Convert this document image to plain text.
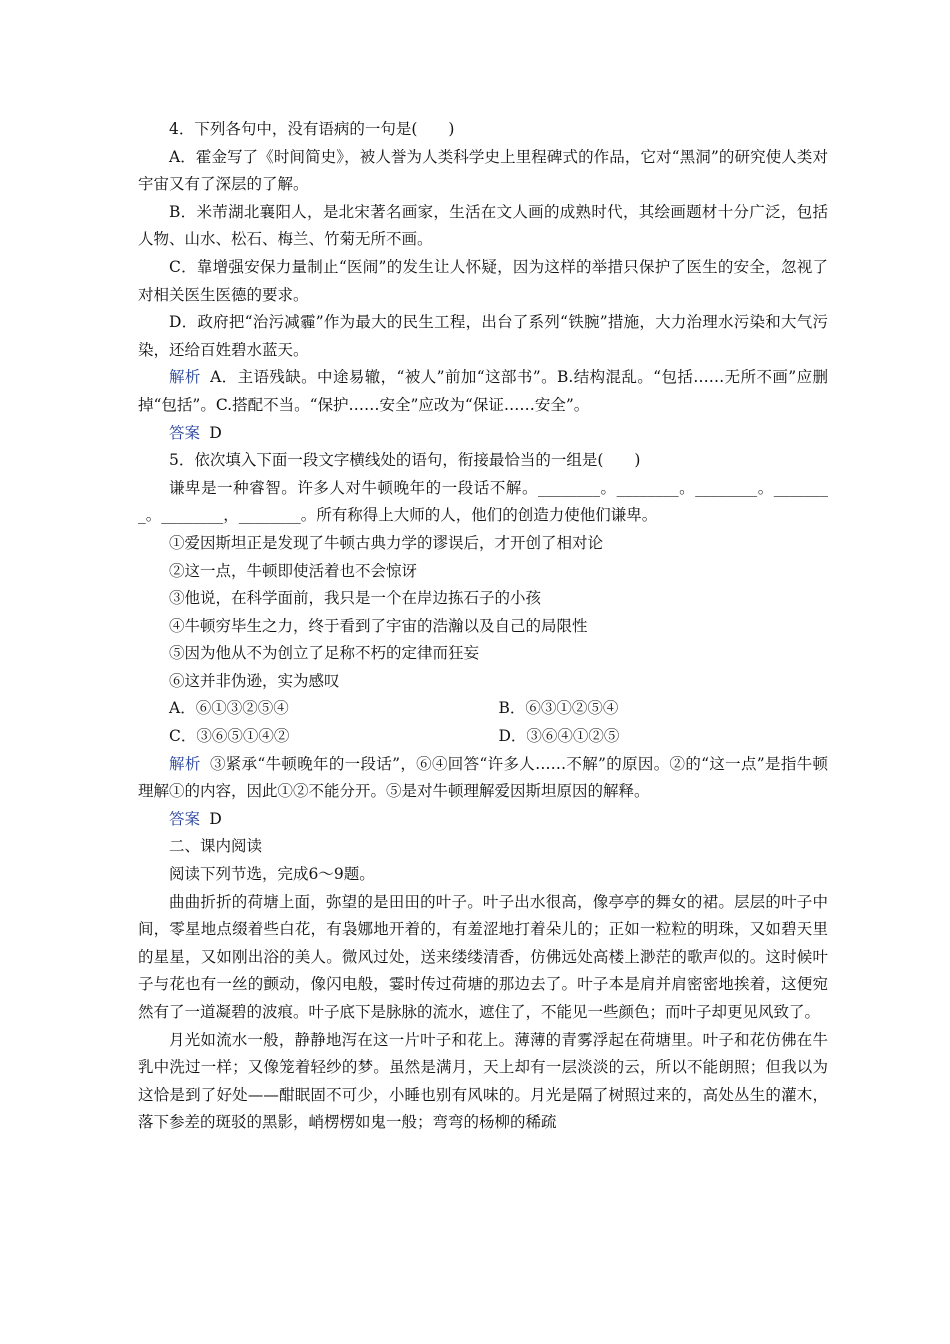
4．下列各句中，没有语病的一句是(　　)

A．霍金写了《时间简史》，被人誉为人类科学史上里程碑式的作品，它对“黑洞”的研究使人类对宇宙又有了深层的了解。

B．米芾湖北襄阳人，是北宋著名画家，生活在文人画的成熟时代，其绘画题材十分广泛，包括人物、山水、松石、梅兰、竹菊无所不画。

C．靠增强安保力量制止“医闹”的发生让人怀疑，因为这样的举措只保护了医生的安全，忽视了对相关医生医德的要求。

D．政府把“治污减霾”作为最大的民生工程，出台了系列“铁腕”措施，大力治理水污染和大气污染，还给百姓碧水蓝天。

解析 A．主语残缺。中途易辙，“被人”前加“这部书”。B.结构混乱。“包括……无所不画”应删掉“包括”。C.搭配不当。“保护……安全”应改为“保证……安全”。

答案 D

5．依次填入下面一段文字横线处的语句，衔接最恰当的一组是(　　)

谦卑是一种睿智。许多人对牛顿晚年的一段话不解。________。________。________。________。________，________。所有称得上大师的人，他们的创造力使他们谦卑。

①爱因斯坦正是发现了牛顿古典力学的谬误后，才开创了相对论

②这一点，牛顿即使活着也不会惊讶

③他说，在科学面前，我只是一个在岸边拣石子的小孩

④牛顿穷毕生之力，终于看到了宇宙的浩瀚以及自己的局限性

⑤因为他从不为创立了足称不朽的定律而狂妄

⑥这并非伪逊，实为感叹

A．⑥①③②⑤④	B．⑥③①②⑤④
C．③⑥⑤①④②	D．③⑥④①②⑤

解析 ③紧承“牛顿晚年的一段话”，⑥④回答“许多人……不解”的原因。②的“这一点”是指牛顿理解①的内容，因此①②不能分开。⑤是对牛顿理解爱因斯坦原因的解释。

答案 D

二、课内阅读

阅读下列节选，完成6～9题。

曲曲折折的荷塘上面，弥望的是田田的叶子。叶子出水很高，像亭亭的舞女的裙。层层的叶子中间，零星地点缀着些白花，有袅娜地开着的，有羞涩地打着朵儿的；正如一粒粒的明珠，又如碧天里的星星，又如刚出浴的美人。微风过处，送来缕缕清香，仿佛远处高楼上渺茫的歌声似的。这时候叶子与花也有一丝的颤动，像闪电般，霎时传过荷塘的那边去了。叶子本是肩并肩密密地挨着，这便宛然有了一道凝碧的波痕。叶子底下是脉脉的流水，遮住了，不能见一些颜色；而叶子却更见风致了。

月光如流水一般，静静地泻在这一片叶子和花上。薄薄的青雾浮起在荷塘里。叶子和花仿佛在牛乳中洗过一样；又像笼着轻纱的梦。虽然是满月，天上却有一层淡淡的云，所以不能朗照；但我以为这恰是到了好处——酣眠固不可少，小睡也别有风味的。月光是隔了树照过来的，高处丛生的灌木，落下参差的斑驳的黑影，峭楞楞如鬼一般；弯弯的杨柳的稀疏
